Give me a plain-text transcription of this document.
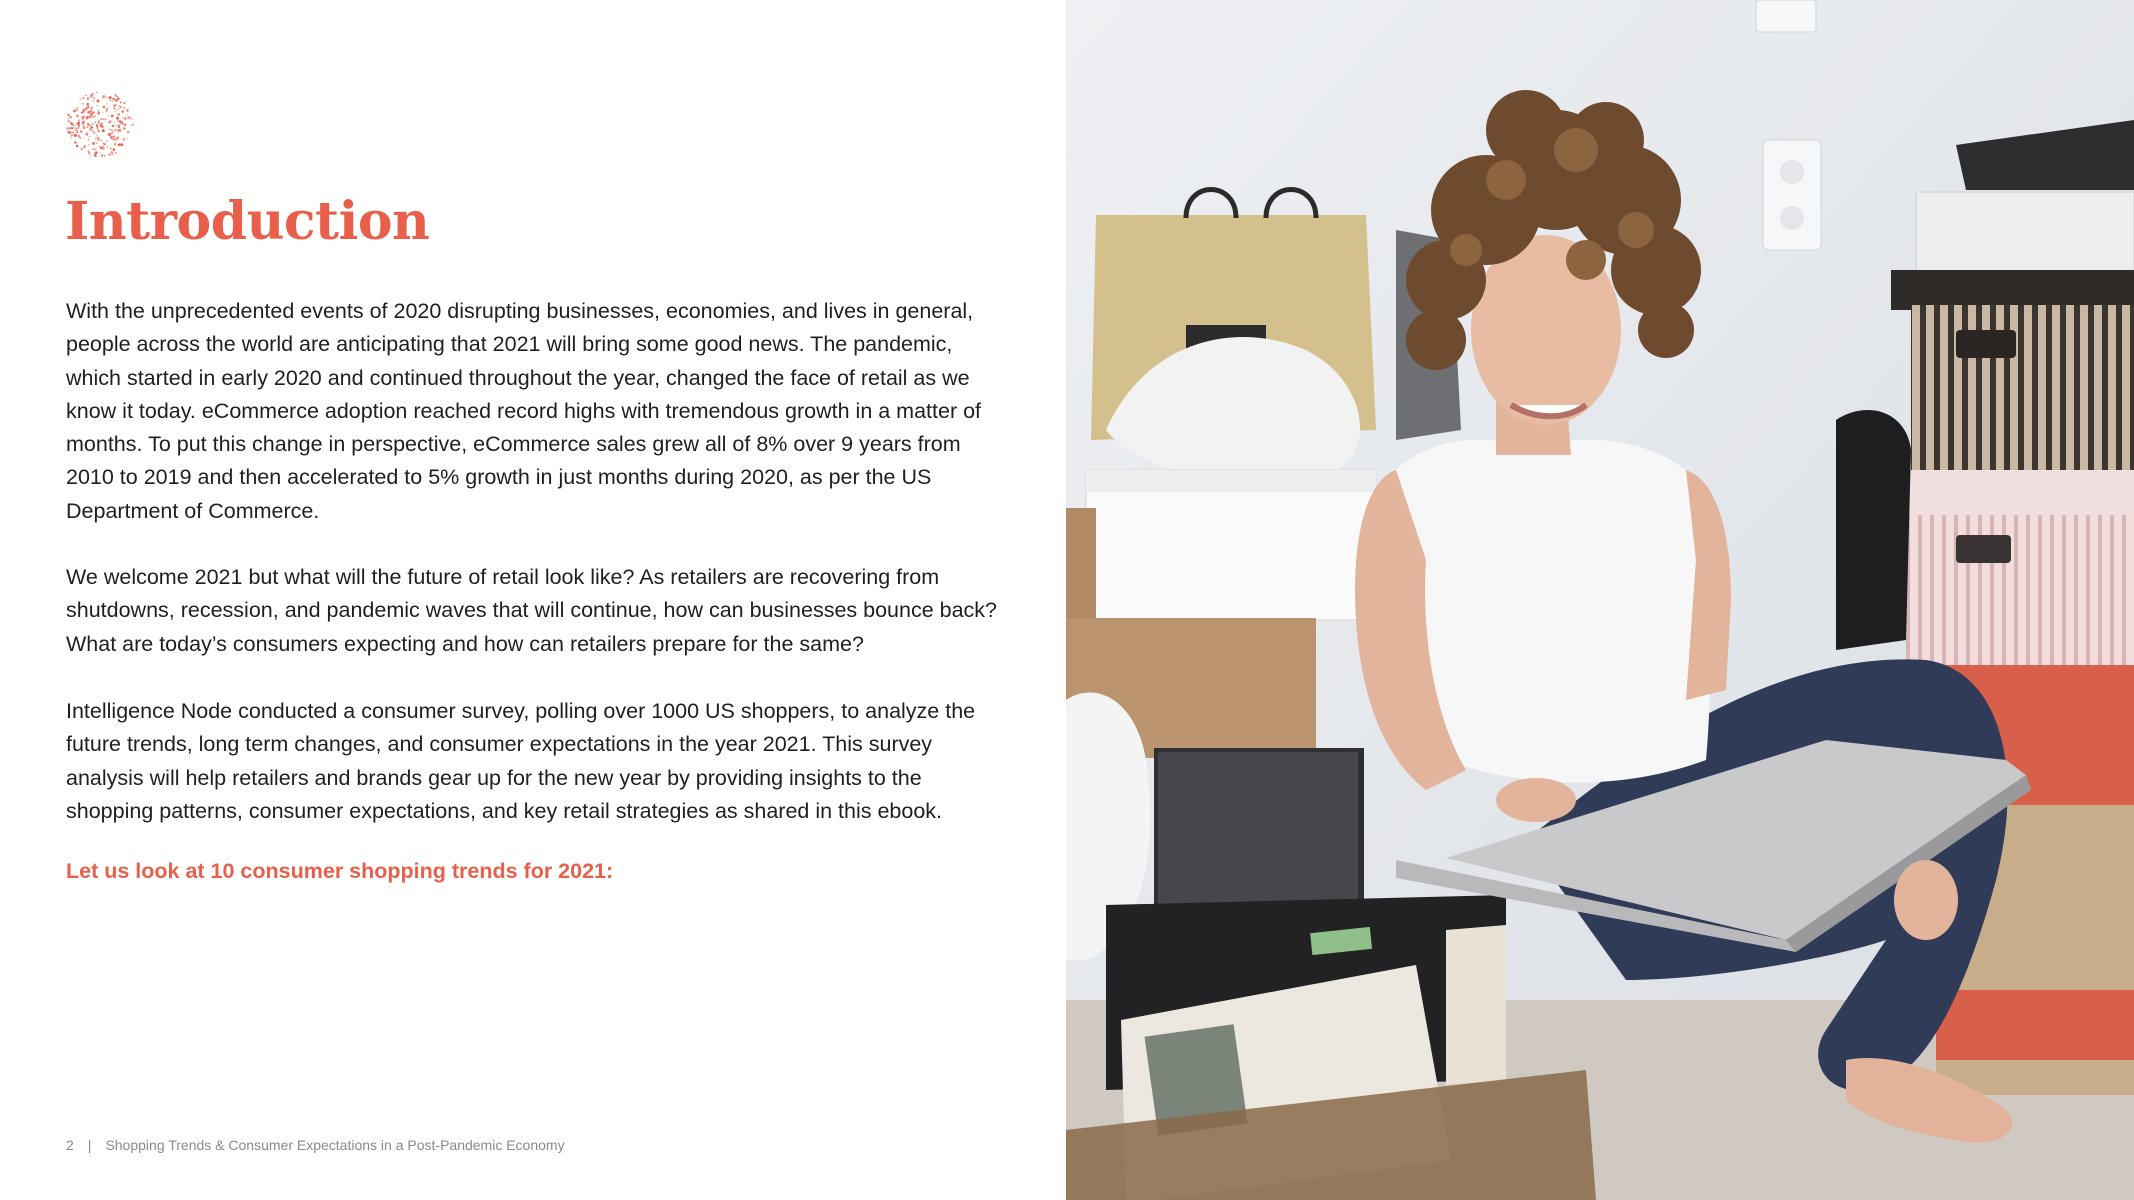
Introduction

With the unprecedented events of 2020 disrupting businesses, economies, and lives in general, people across the world are anticipating that 2021 will bring some good news. The pandemic, which started in early 2020 and continued throughout the year, changed the face of retail as we know it today. eCommerce adoption reached record highs with tremendous growth in a matter of months. To put this change in perspective, eCommerce sales grew all of 8% over 9 years from 2010 to 2019 and then accelerated to 5% growth in just months during 2020, as per the US Department of Commerce.

We welcome 2021 but what will the future of retail look like? As retailers are recovering from shutdowns, recession, and pandemic waves that will continue, how can businesses bounce back? What are today’s consumers expecting and how can retailers prepare for the same?

Intelligence Node conducted a consumer survey, polling over 1000 US shoppers, to analyze the future trends, long term changes, and consumer expectations in the year 2021. This survey analysis will help retailers and brands gear up for the new year by providing insights to the shopping patterns, consumer expectations, and key retail strategies as shared in this ebook.

Let us look at 10 consumer shopping trends for 2021:

2 | Shopping Trends & Consumer Expectations in a Post-Pandemic Economy
